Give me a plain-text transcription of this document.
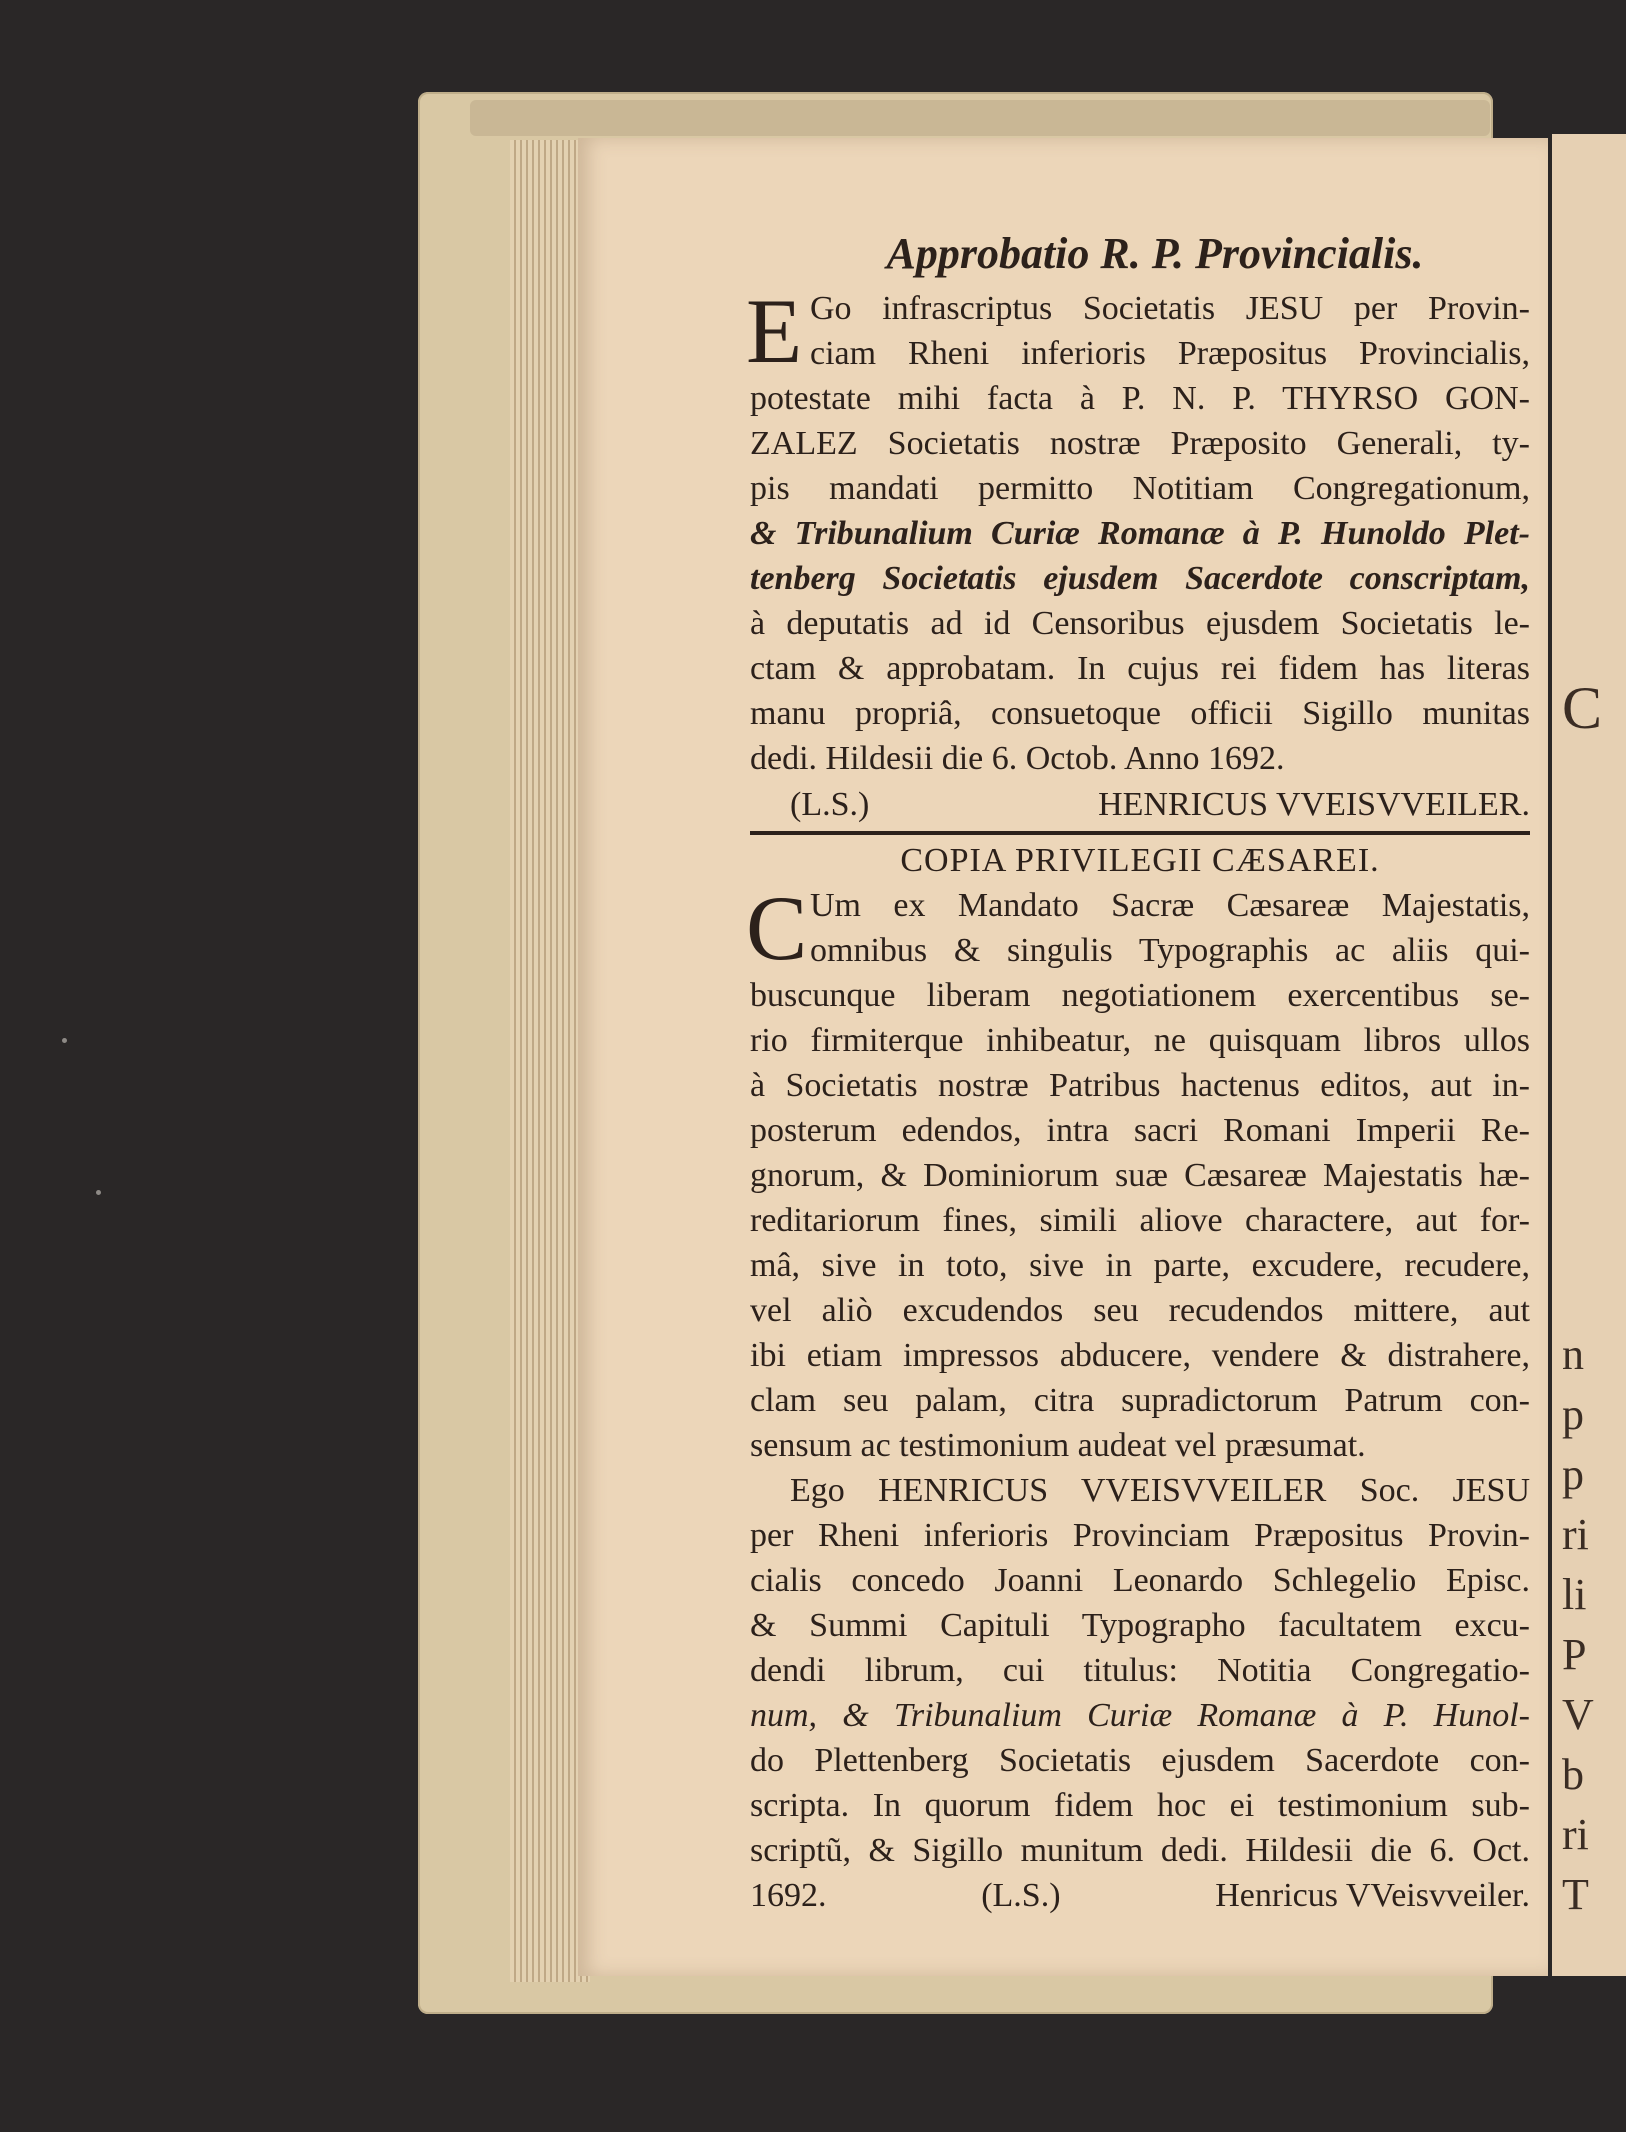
C
n
p
p
ri
li
P
V
b
ri
T
Approbatio R. P. Provincialis.
E Go infrascriptus Societatis JESU per Provin-
ciam Rheni inferioris Præpositus Provincialis,
potestate mihi facta à P. N. P. THYRSO GON-
ZALEZ Societatis nostræ Præposito Generali, ty-
pis mandati permitto Notitiam Congregationum,
& Tribunalium Curiæ Romanæ à P. Hunoldo Plet-
tenberg Societatis ejusdem Sacerdote conscriptam,
à deputatis ad id Censoribus ejusdem Societatis le-
ctam & approbatam. In cujus rei fidem has literas
manu propriâ, consuetoque officii Sigillo munitas
dedi. Hildesii die 6. Octob. Anno 1692.
(L.S.)	HENRICUS VVEISVVEILER.
COPIA PRIVILEGII CÆSAREI.
C Um ex Mandato Sacræ Cæsareæ Majestatis,
omnibus & singulis Typographis ac aliis qui-
buscunque liberam negotiationem exercentibus se-
rio firmiterque inhibeatur, ne quisquam libros ullos
à Societatis nostræ Patribus hactenus editos, aut in-
posterum edendos, intra sacri Romani Imperii Re-
gnorum, & Dominiorum suæ Cæsareæ Majestatis hæ-
reditariorum fines, simili aliove charactere, aut for-
mâ, sive in toto, sive in parte, excudere, recudere,
vel aliò excudendos seu recudendos mittere, aut
ibi etiam impressos abducere, vendere & distrahere,
clam seu palam, citra supradictorum Patrum con-
sensum ac testimonium audeat vel præsumat.
Ego HENRICUS VVEISVVEILER Soc. JESU
per Rheni inferioris Provinciam Præpositus Provin-
cialis concedo Joanni Leonardo Schlegelio Episc.
& Summi Capituli Typographo facultatem excu-
dendi librum, cui titulus: Notitia Congregatio-
num, & Tribunalium Curiæ Romanæ à P. Hunol-
do Plettenberg Societatis ejusdem Sacerdote con-
scripta. In quorum fidem hoc ei testimonium sub-
scriptũ, & Sigillo munitum dedi. Hildesii die 6. Oct.
1692.	(L.S.)	Henricus VVeisvveiler.
